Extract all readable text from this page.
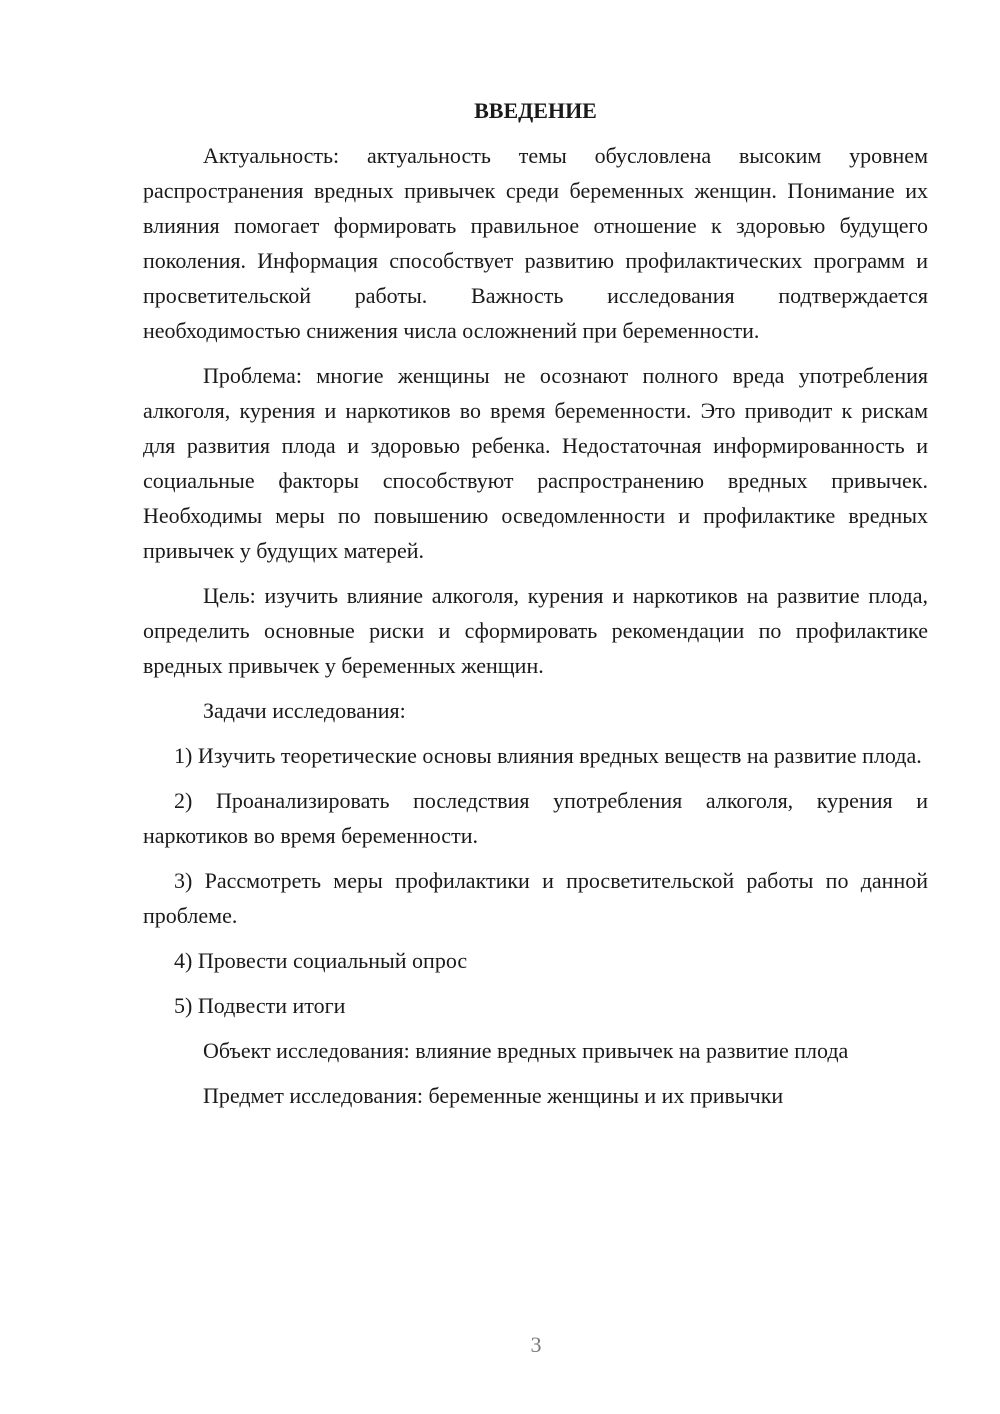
ВВЕДЕНИЕ

Актуальность: актуальность темы обусловлена высоким уровнем распространения вредных привычек среди беременных женщин. Понимание их влияния помогает формировать правильное отношение к здоровью будущего поколения. Информация способствует развитию профилактических программ и просветительской работы. Важность исследования подтверждается необходимостью снижения числа осложнений при беременности.

Проблема: многие женщины не осознают полного вреда употребления алкоголя, курения и наркотиков во время беременности. Это приводит к рискам для развития плода и здоровью ребенка. Недостаточная информированность и социальные факторы способствуют распространению вредных привычек. Необходимы меры по повышению осведомленности и профилактике вредных привычек у будущих матерей.

Цель: изучить влияние алкоголя, курения и наркотиков на развитие плода, определить основные риски и сформировать рекомендации по профилактике вредных привычек у беременных женщин.

Задачи исследования:

1) Изучить теоретические основы влияния вредных веществ на развитие плода.

2) Проанализировать последствия употребления алкоголя, курения и наркотиков во время беременности.

3) Рассмотреть меры профилактики и просветительской работы по данной проблеме.

4) Провести социальный опрос

5) Подвести итоги

Объект исследования: влияние вредных привычек на развитие плода

Предмет исследования: беременные женщины и их привычки

3
